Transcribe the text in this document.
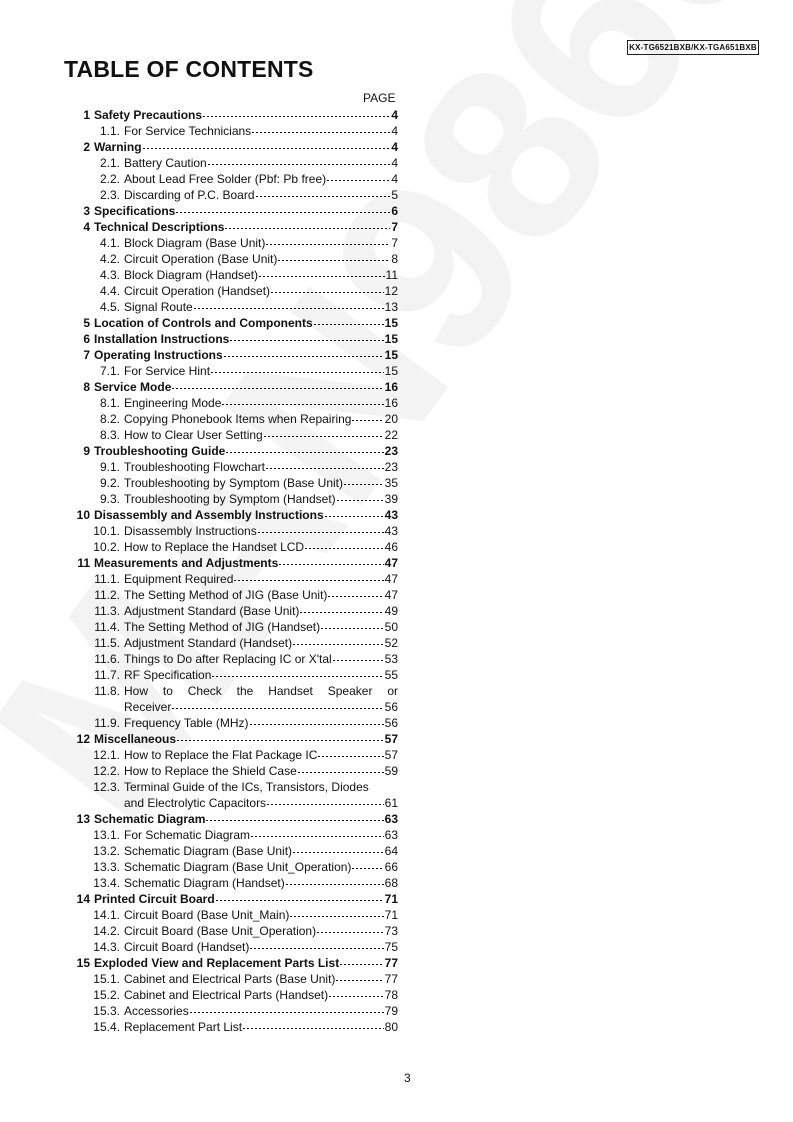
KX-TG6521BXB/KX-TGA651BXB
TABLE OF CONTENTS
PAGE
1 Safety Precautions	4
1.1. For Service Technicians	4
2 Warning	4
2.1. Battery Caution	4
2.2. About Lead Free Solder (Pbf: Pb free)	4
2.3. Discarding of P.C. Board	5
3 Specifications	6
4 Technical Descriptions	7
4.1. Block Diagram (Base Unit)	7
4.2. Circuit Operation (Base Unit)	8
4.3. Block Diagram (Handset)	11
4.4. Circuit Operation (Handset)	12
4.5. Signal Route	13
5 Location of Controls and Components	15
6 Installation Instructions	15
7 Operating Instructions	15
7.1. For Service Hint	15
8 Service Mode	16
8.1. Engineering Mode	16
8.2. Copying Phonebook Items when Repairing	20
8.3. How to Clear User Setting	22
9 Troubleshooting Guide	23
9.1. Troubleshooting Flowchart	23
9.2. Troubleshooting by Symptom (Base Unit)	35
9.3. Troubleshooting by Symptom (Handset)	39
10 Disassembly and Assembly Instructions	43
10.1. Disassembly Instructions	43
10.2. How to Replace the Handset LCD	46
11 Measurements and Adjustments	47
11.1. Equipment Required	47
11.2. The Setting Method of JIG (Base Unit)	47
11.3. Adjustment Standard (Base Unit)	49
11.4. The Setting Method of JIG (Handset)	50
11.5. Adjustment Standard (Handset)	52
11.6. Things to Do after Replacing IC or X'tal	53
11.7. RF Specification	55
11.8. How to Check the Handset Speaker or
Receiver	56
11.9. Frequency Table (MHz)	56
12 Miscellaneous	57
12.1. How to Replace the Flat Package IC	57
12.2. How to Replace the Shield Case	59
12.3. Terminal Guide of the ICs, Transistors, Diodes
and Electrolytic Capacitors	61
13 Schematic Diagram	63
13.1. For Schematic Diagram	63
13.2. Schematic Diagram (Base Unit)	64
13.3. Schematic Diagram (Base Unit_Operation)	66
13.4. Schematic Diagram (Handset)	68
14 Printed Circuit Board	71
14.1. Circuit Board (Base Unit_Main)	71
14.2. Circuit Board (Base Unit_Operation)	73
14.3. Circuit Board (Handset)	75
15 Exploded View and Replacement Parts List	77
15.1. Cabinet and Electrical Parts (Base Unit)	77
15.2. Cabinet and Electrical Parts (Handset)	78
15.3. Accessories	79
15.4. Replacement Part List	80
3
